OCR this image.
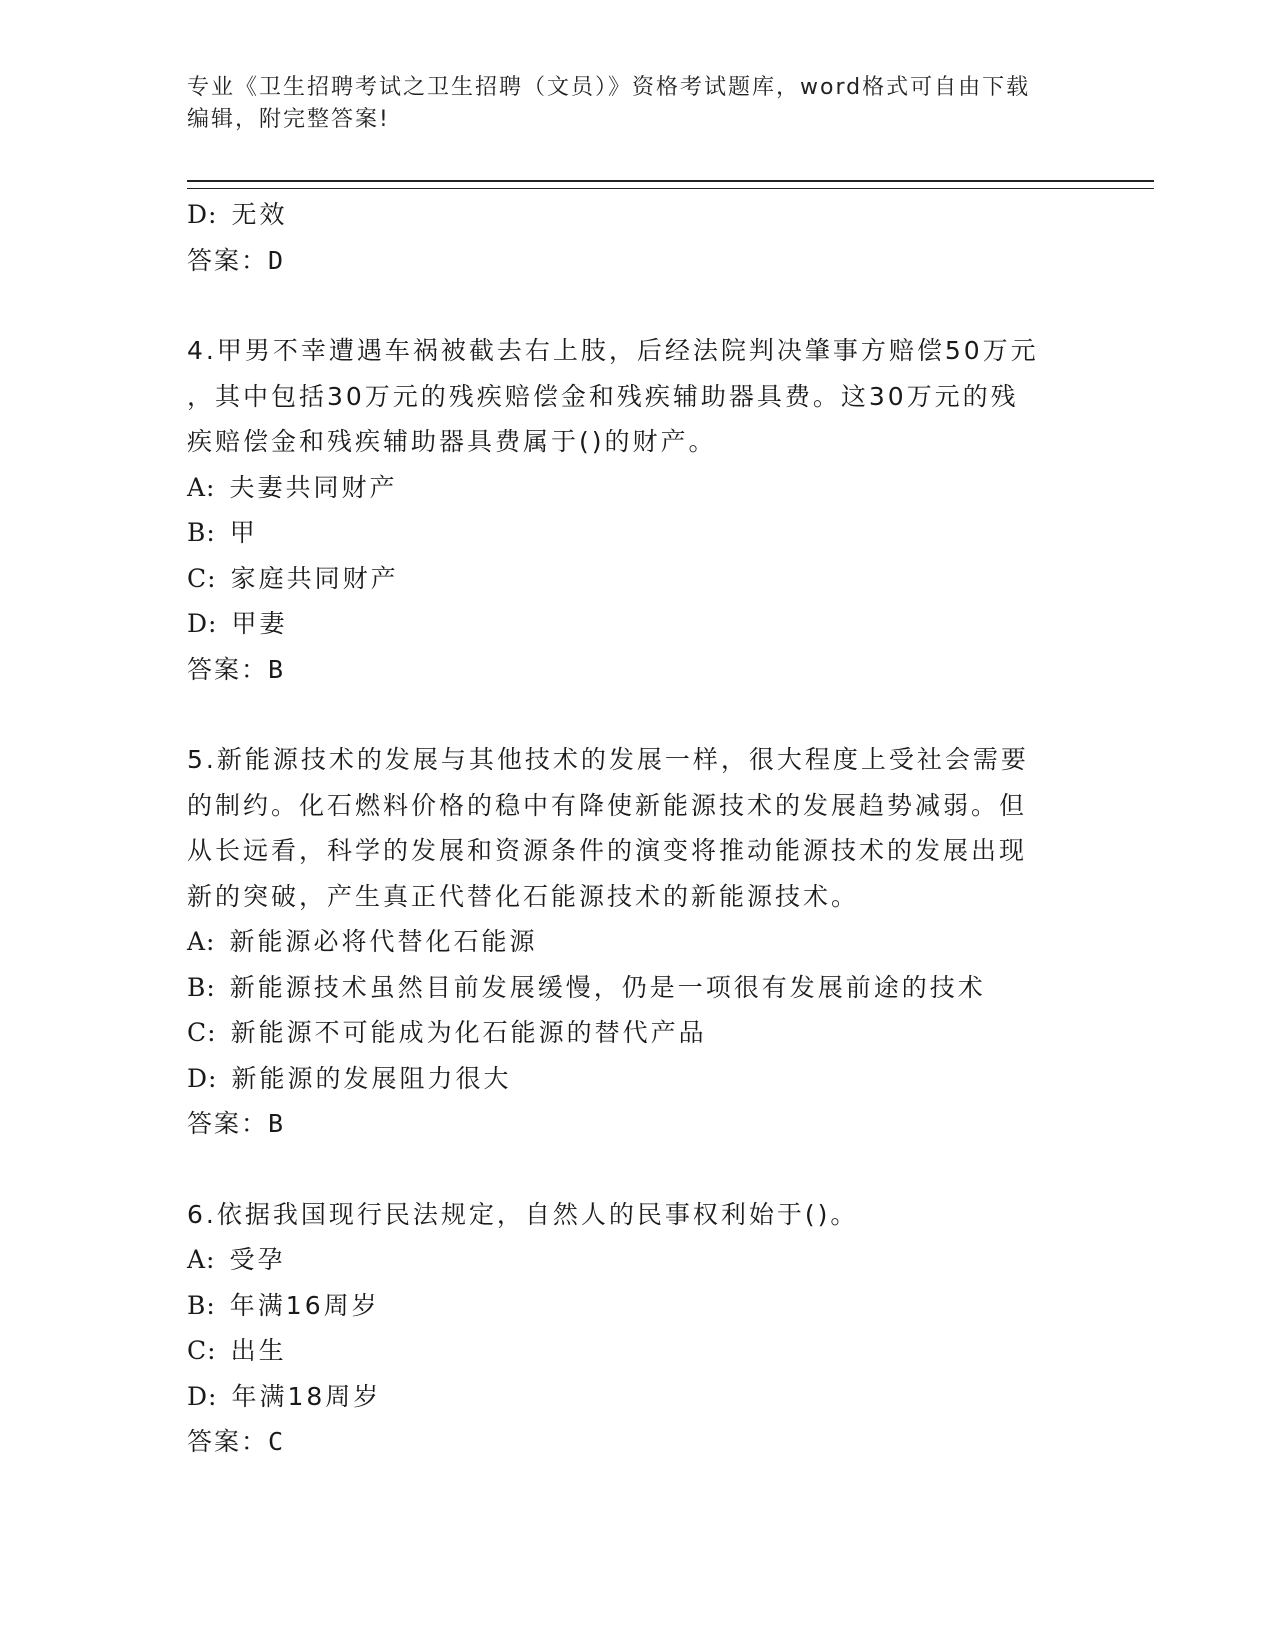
专业《卫生招聘考试之卫生招聘（文员）》资格考试题库，word格式可自由下载
编辑，附完整答案!
D: 无效
答案：D
4.甲男不幸遭遇车祸被截去右上肢，后经法院判决肇事方赔偿50万元
，其中包括30万元的残疾赔偿金和残疾辅助器具费。这30万元的残
疾赔偿金和残疾辅助器具费属于()的财产。
A: 夫妻共同财产
B: 甲
C: 家庭共同财产
D: 甲妻
答案：B
5.新能源技术的发展与其他技术的发展一样，很大程度上受社会需要
的制约。化石燃料价格的稳中有降使新能源技术的发展趋势减弱。但
从长远看，科学的发展和资源条件的演变将推动能源技术的发展出现
新的突破，产生真正代替化石能源技术的新能源技术。
A: 新能源必将代替化石能源
B: 新能源技术虽然目前发展缓慢，仍是一项很有发展前途的技术
C: 新能源不可能成为化石能源的替代产品
D: 新能源的发展阻力很大
答案：B
6.依据我国现行民法规定，自然人的民事权利始于()。
A: 受孕
B: 年满16周岁
C: 出生
D: 年满18周岁
答案：C
